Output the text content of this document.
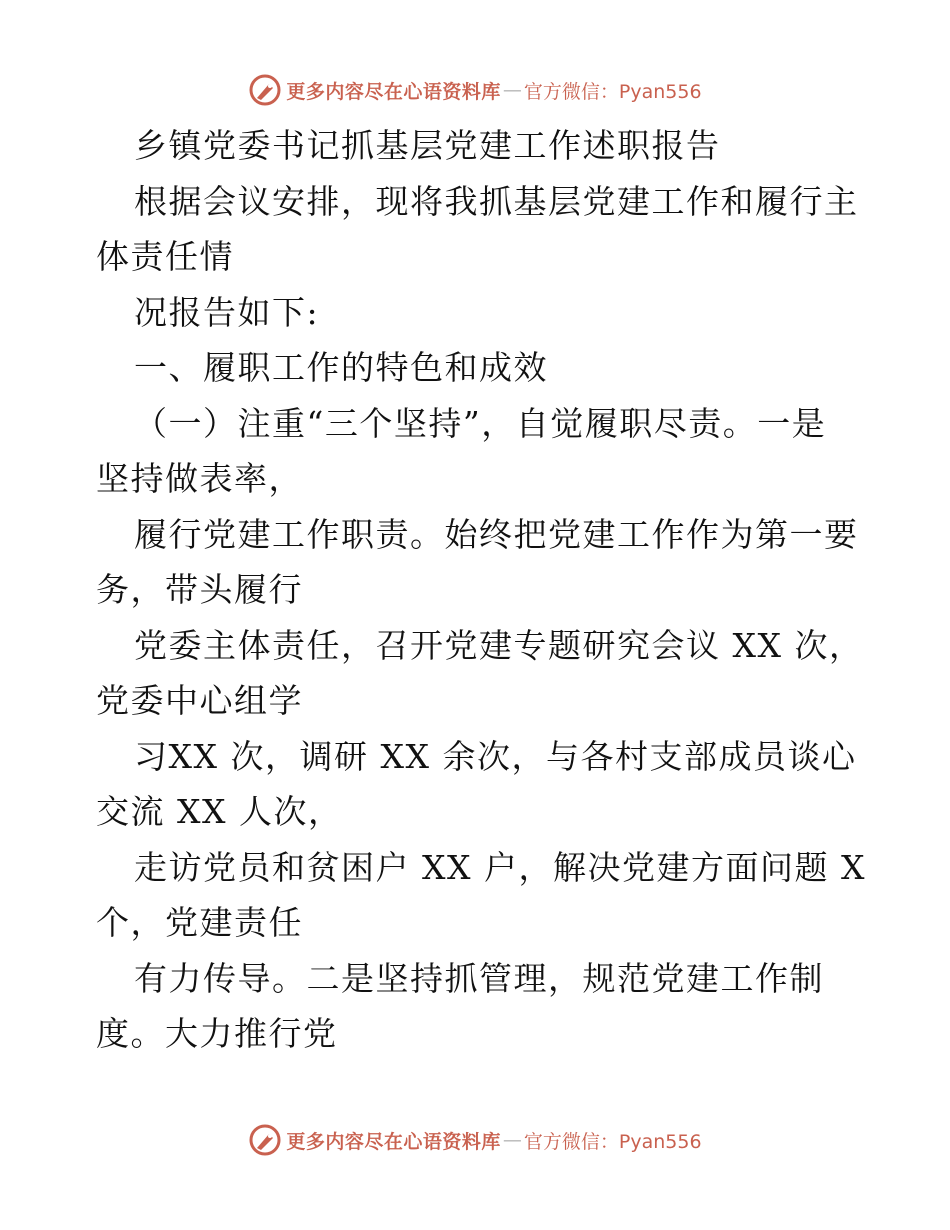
更多内容尽在心语资料库 — 官方微信：Pyan556
乡镇党委书记抓基层党建工作述职报告
根据会议安排，现将我抓基层党建工作和履行主
体责任情
况报告如下:
一、履职工作的特色和成效
（一）注重“三个坚持”，自觉履职尽责。一是
坚持做表率，
履行党建工作职责。始终把党建工作作为第一要
务，带头履行
党委主体责任，召开党建专题研究会议 XX 次，
党委中心组学
习XX 次，调研 XX 余次，与各村支部成员谈心
交流 XX 人次，
走访党员和贫困户 XX 户，解决党建方面问题 X
个，党建责任
有力传导。二是坚持抓管理，规范党建工作制
度。大力推行党
更多内容尽在心语资料库 — 官方微信：Pyan556
